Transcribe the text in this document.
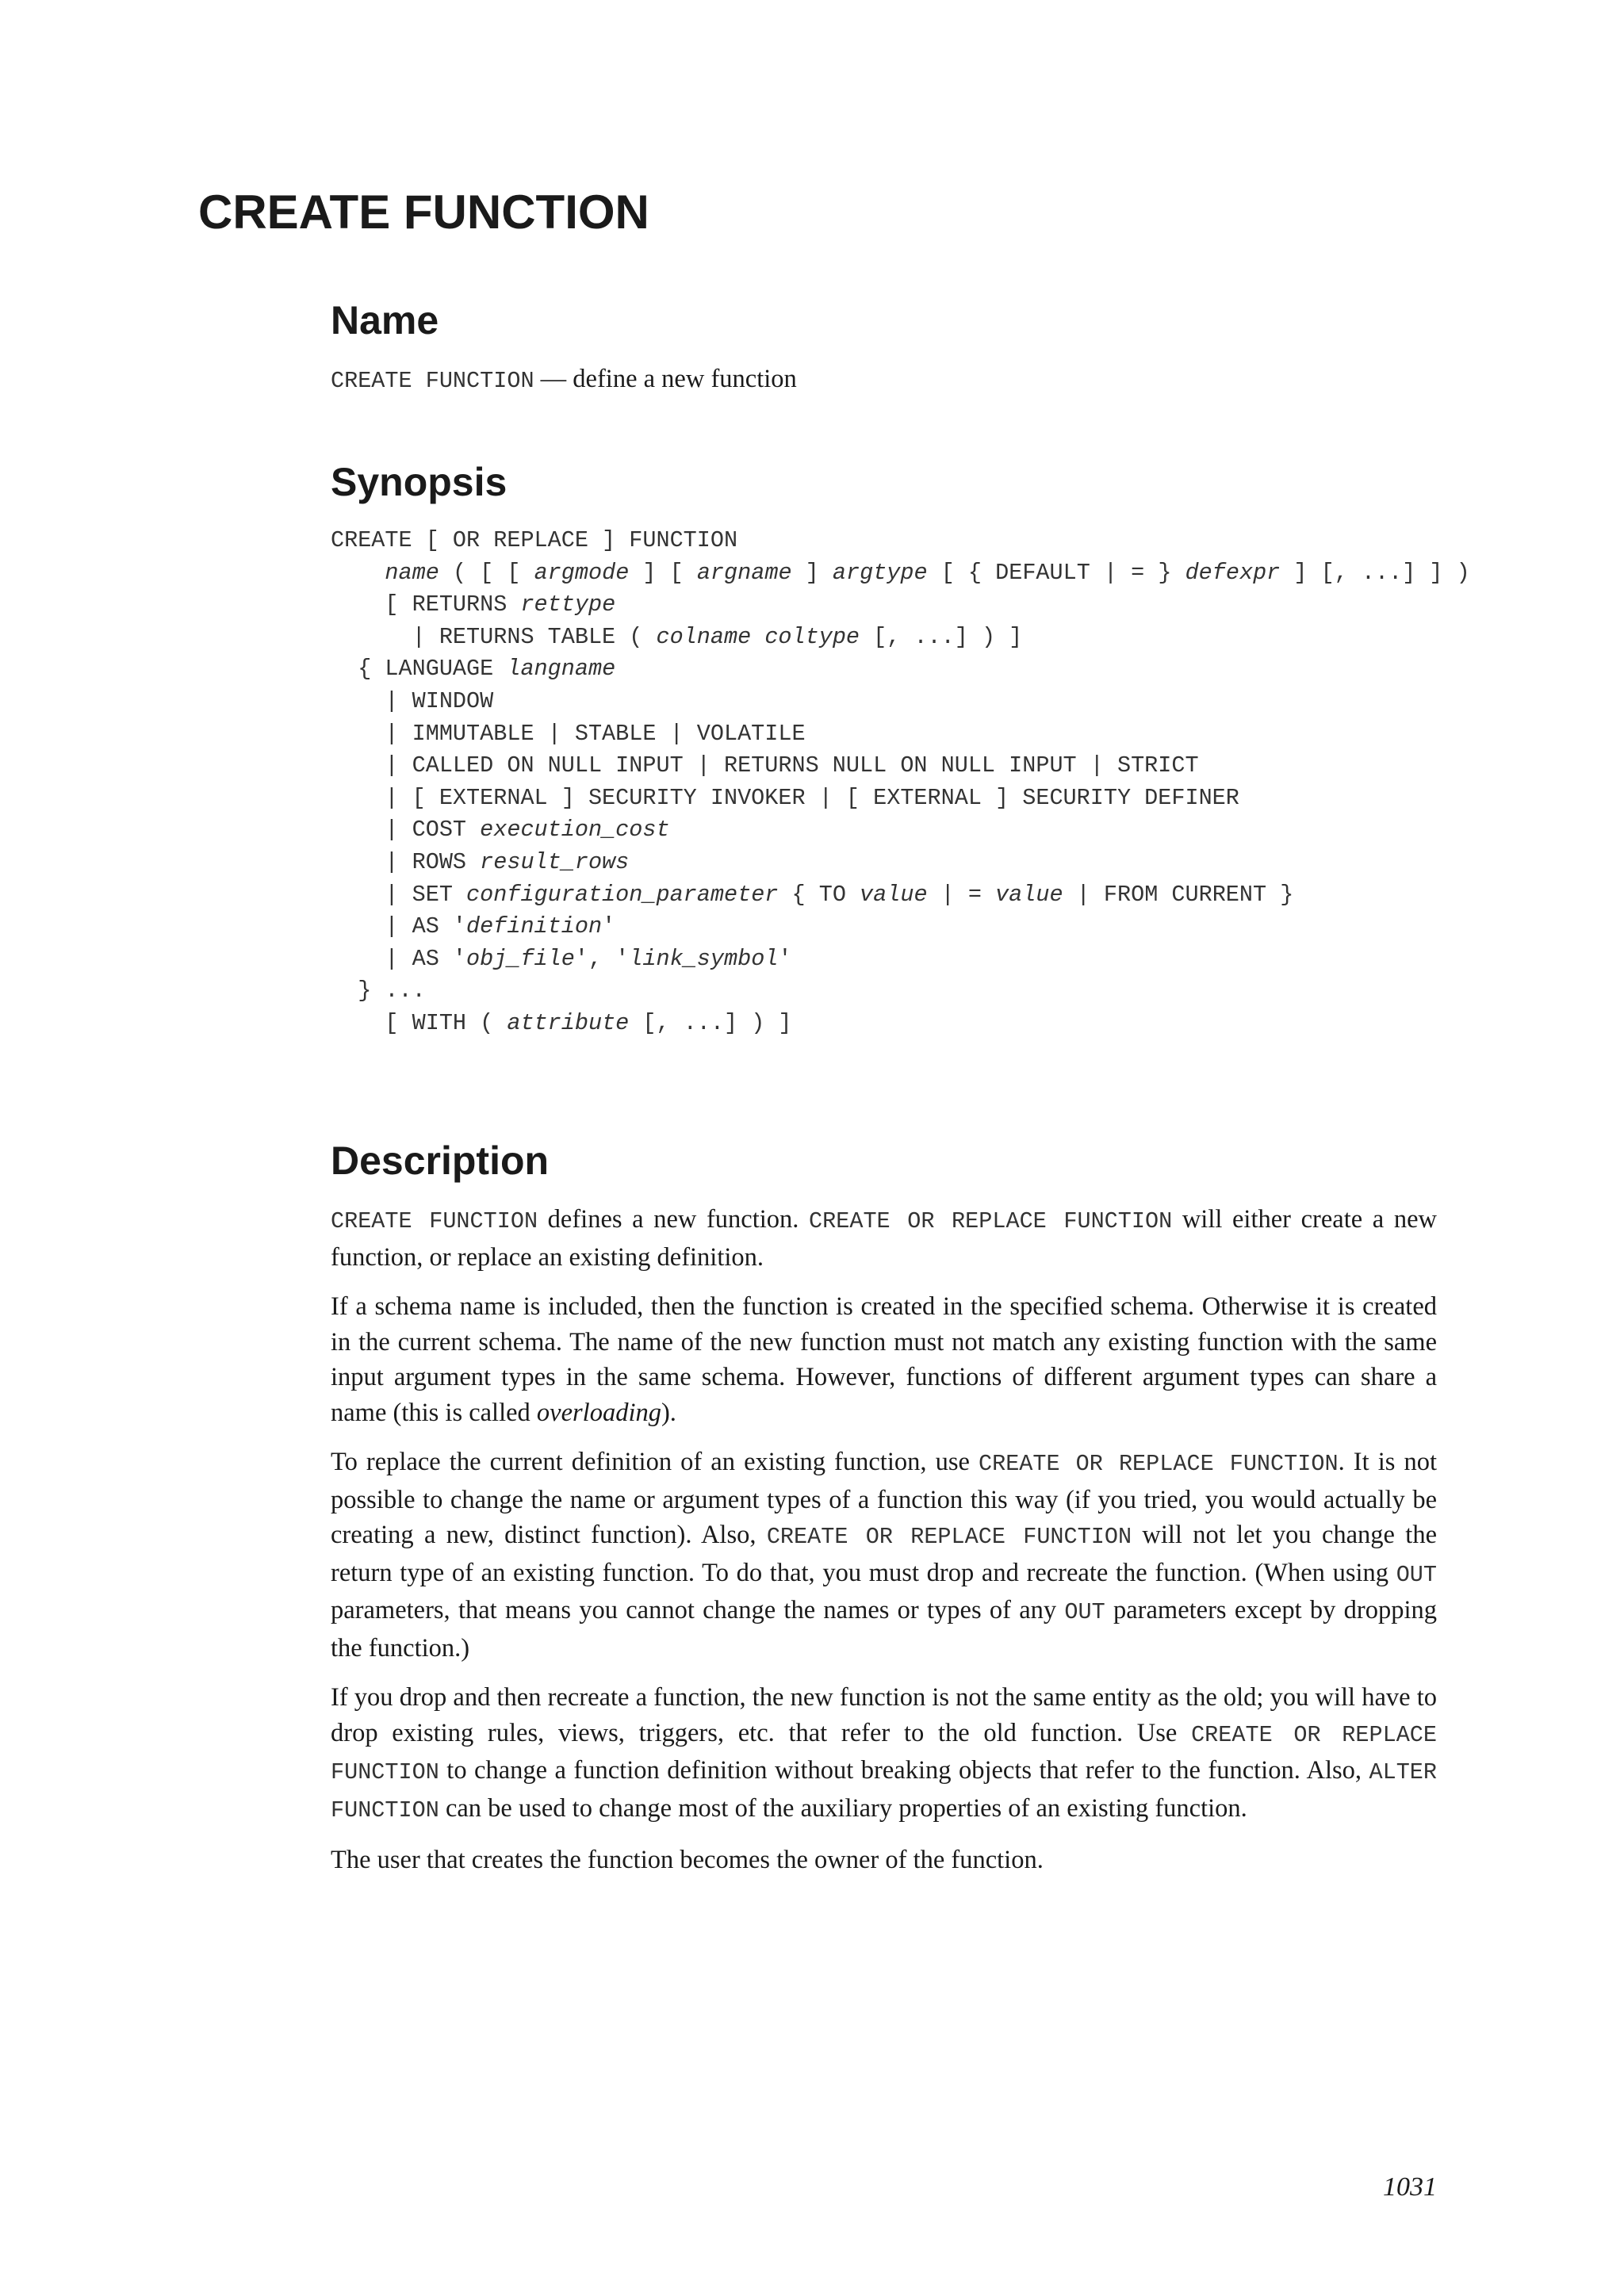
CREATE FUNCTION
Name

CREATE FUNCTION — define a new function

Synopsis
CREATE [ OR REPLACE ] FUNCTION
name ( [ [ argmode ] [ argname ] argtype [ { DEFAULT | = } defexpr ] [, ...] ] )
[ RETURNS rettype
| RETURNS TABLE ( colname coltype [, ...] ) ]
{ LANGUAGE langname
| WINDOW
| IMMUTABLE | STABLE | VOLATILE
| CALLED ON NULL INPUT | RETURNS NULL ON NULL INPUT | STRICT
| [ EXTERNAL ] SECURITY INVOKER | [ EXTERNAL ] SECURITY DEFINER
| COST execution_cost
| ROWS result_rows
| SET configuration_parameter { TO value | = value | FROM CURRENT }
| AS 'definition'
| AS 'obj_file', 'link_symbol'
} ...
[ WITH ( attribute [, ...] ) ]
Description

CREATE FUNCTION defines a new function. CREATE OR REPLACE FUNCTION will either create a new function, or replace an existing definition.

If a schema name is included, then the function is created in the specified schema. Otherwise it is created in the current schema. The name of the new function must not match any existing function with the same input argument types in the same schema. However, functions of different argument types can share a name (this is called overloading).

To replace the current definition of an existing function, use CREATE OR REPLACE FUNCTION. It is not possible to change the name or argument types of a function this way (if you tried, you would actually be creating a new, distinct function). Also, CREATE OR REPLACE FUNCTION will not let you change the return type of an existing function. To do that, you must drop and recreate the function. (When using OUT parameters, that means you cannot change the names or types of any OUT parameters except by dropping the function.)

If you drop and then recreate a function, the new function is not the same entity as the old; you will have to drop existing rules, views, triggers, etc. that refer to the old function. Use CREATE OR REPLACE FUNCTION to change a function definition without breaking objects that refer to the function. Also, ALTER FUNCTION can be used to change most of the auxiliary properties of an existing function.

The user that creates the function becomes the owner of the function.

1031
